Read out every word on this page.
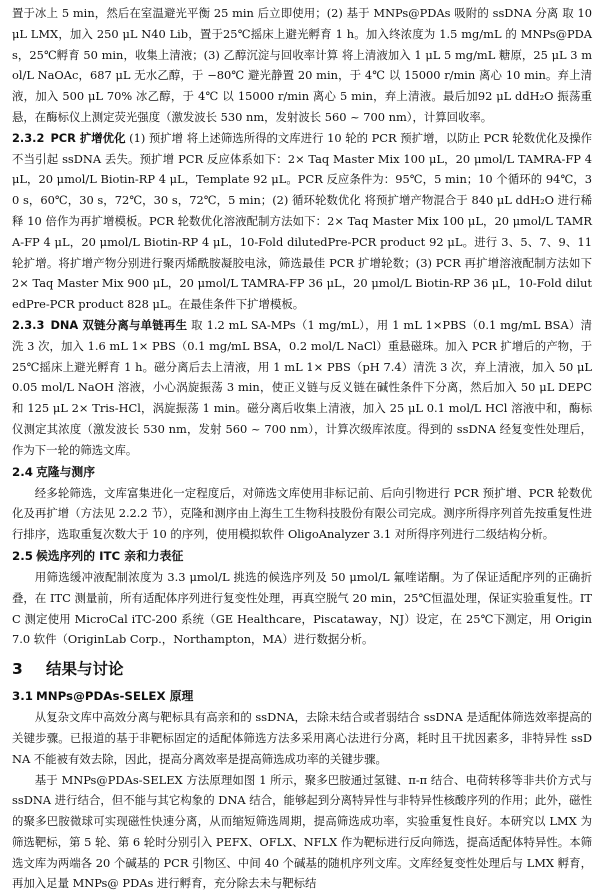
置于冰上 5 min，然后在室温避光平衡 25 min 后立即使用；(2) 基于 MNPs@PDAs 吸附的 ssDNA 分离 取 10 μL LMX，加入 250 μL N40 Lib，置于25℃摇床上避光孵育 1 h。加入终浓度为 1.5 mg/mL 的 MNPs@PDAs，25℃孵育 50 min，收集上清液；(3) 乙醇沉淀与回收率计算 将上清液加入 1 μL 5 mg/mL 糖原，25 μL 3 mol/L NaOAc，687 μL 无水乙醇，于 −80℃ 避光静置 20 min，于 4℃ 以 15000 r/min 离心 10 min。弃上清液，加入 500 μL 70% 冰乙醇，于 4℃ 以 15000 r/min 离心 5 min，弃上清液。最后加92 μL ddH₂O 振荡重悬，在酶标仪上测定荧光强度（激发波长 530 nm，发射波长 560 ~ 700 nm），计算回收率。

2.3.2 PCR 扩增优化 (1) 预扩增 将上述筛选所得的文库进行 10 轮的 PCR 预扩增，以防止 PCR 轮数优化及操作不当引起 ssDNA 丢失。预扩增 PCR 反应体系如下：2× Taq Master Mix 100 μL，20 μmol/L TAMRA-FP 4 μL，20 μmol/L Biotin-RP 4 μL，Template 92 μL。PCR 反应条件为：95℃，5 min；10 个循环的 94℃，30 s，60℃，30 s，72℃，30 s，72℃，5 min；(2) 循环轮数优化 将预扩增产物混合于 840 μL ddH₂O 进行稀释 10 倍作为再扩增模板。PCR 轮数优化溶液配制方法如下：2× Taq Master Mix 100 μL，20 μmol/L TAMRA-FP 4 μL，20 μmol/L Biotin-RP 4 μL，10-Fold dilutedPre-PCR product 92 μL。进行 3、5、7、9、11 轮扩增。将扩增产物分别进行聚丙烯酰胺凝胶电泳，筛选最佳 PCR 扩增轮数；(3) PCR 再扩增溶液配制方法如下 2× Taq Master Mix 900 μL，20 μmol/L TAMRA-FP 36 μL，20 μmol/L Biotin-RP 36 μL，10-Fold dilutedPre-PCR product 828 μL。在最佳条件下扩增模板。

2.3.3 DNA 双链分离与单链再生 取 1.2 mL SA-MPs（1 mg/mL），用 1 mL 1×PBS（0.1 mg/mL BSA）清洗 3 次，加入 1.6 mL 1× PBS（0.1 mg/mL BSA，0.2 mol/L NaCl）重悬磁珠。加入 PCR 扩增后的产物，于 25℃摇床上避光孵育 1 h。磁分离后去上清液，用 1 mL 1× PBS（pH 7.4）清洗 3 次，弃上清液，加入 50 μL 0.05 mol/L NaOH 溶液，小心涡旋振荡 3 min，使正义链与反义链在碱性条件下分离，然后加入 50 μL DEPC 和 125 μL 2× Tris-HCl，涡旋振荡 1 min。磁分离后收集上清液，加入 25 μL 0.1 mol/L HCl 溶液中和，酶标仪测定其浓度（激发波长 530 nm，发射 560 ~ 700 nm），计算次级库浓度。得到的 ssDNA 经复变性处理后，作为下一轮的筛选文库。

2.4 克隆与测序

经多轮筛选，文库富集进化一定程度后，对筛选文库使用非标记前、后向引物进行 PCR 预扩增、PCR 轮数优化及再扩增（方法见 2.2.2 节），克隆和测序由上海生工生物科技股份有限公司完成。测序所得序列首先按重复性进行排序，选取重复次数大于 10 的序列，使用模拟软件 OligoAnalyzer 3.1 对所得序列进行二级结构分析。

2.5 候选序列的 ITC 亲和力表征

用筛选缓冲液配制浓度为 3.3 μmol/L 挑选的候选序列及 50 μmol/L 氟喹诺酮。为了保证适配序列的正确折叠，在 ITC 测量前，所有适配体序列进行复变性处理，再真空脱气 20 min，25℃恒温处理，保证实验重复性。ITC 测定使用 MicroCal iTC-200 系统（GE Healthcare，Piscataway，NJ）设定，在 25℃下测定，用 Origin 7.0 软件（OriginLab Corp.，Northampton，MA）进行数据分析。

3 结果与讨论
3.1 MNPs@PDAs-SELEX 原理

从复杂文库中高效分离与靶标具有高亲和的 ssDNA，去除未结合或者弱结合 ssDNA 是适配体筛选效率提高的关键步骤。已报道的基于非靶标固定的适配体筛选方法多采用离心法进行分离，耗时且干扰因素多，非特异性 ssDNA 不能被有效去除，因此，提高分离效率是提高筛选成功率的关键步骤。

基于 MNPs@PDAs-SELEX 方法原理如图 1 所示，聚多巴胺通过氢键、π-π 结合、电荷转移等非共价方式与 ssDNA 进行结合，但不能与其它构象的 DNA 结合，能够起到分离特异性与非特异性核酸序列的作用；此外，磁性的聚多巴胺微球可实现磁性快速分离，从而缩短筛选周期，提高筛选成功率，实验重复性良好。本研究以 LMX 为筛选靶标，第 5 轮、第 6 轮时分别引入 PEFX、OFLX、NFLX 作为靶标进行反向筛选，提高适配体特异性。本筛选文库为两端各 20 个碱基的 PCR 引物区、中间 40 个碱基的随机序列文库。文库经复变性处理后与 LMX 孵育，再加入足量 MNPs@ PDAs 进行孵育，充分除去未与靶标结
